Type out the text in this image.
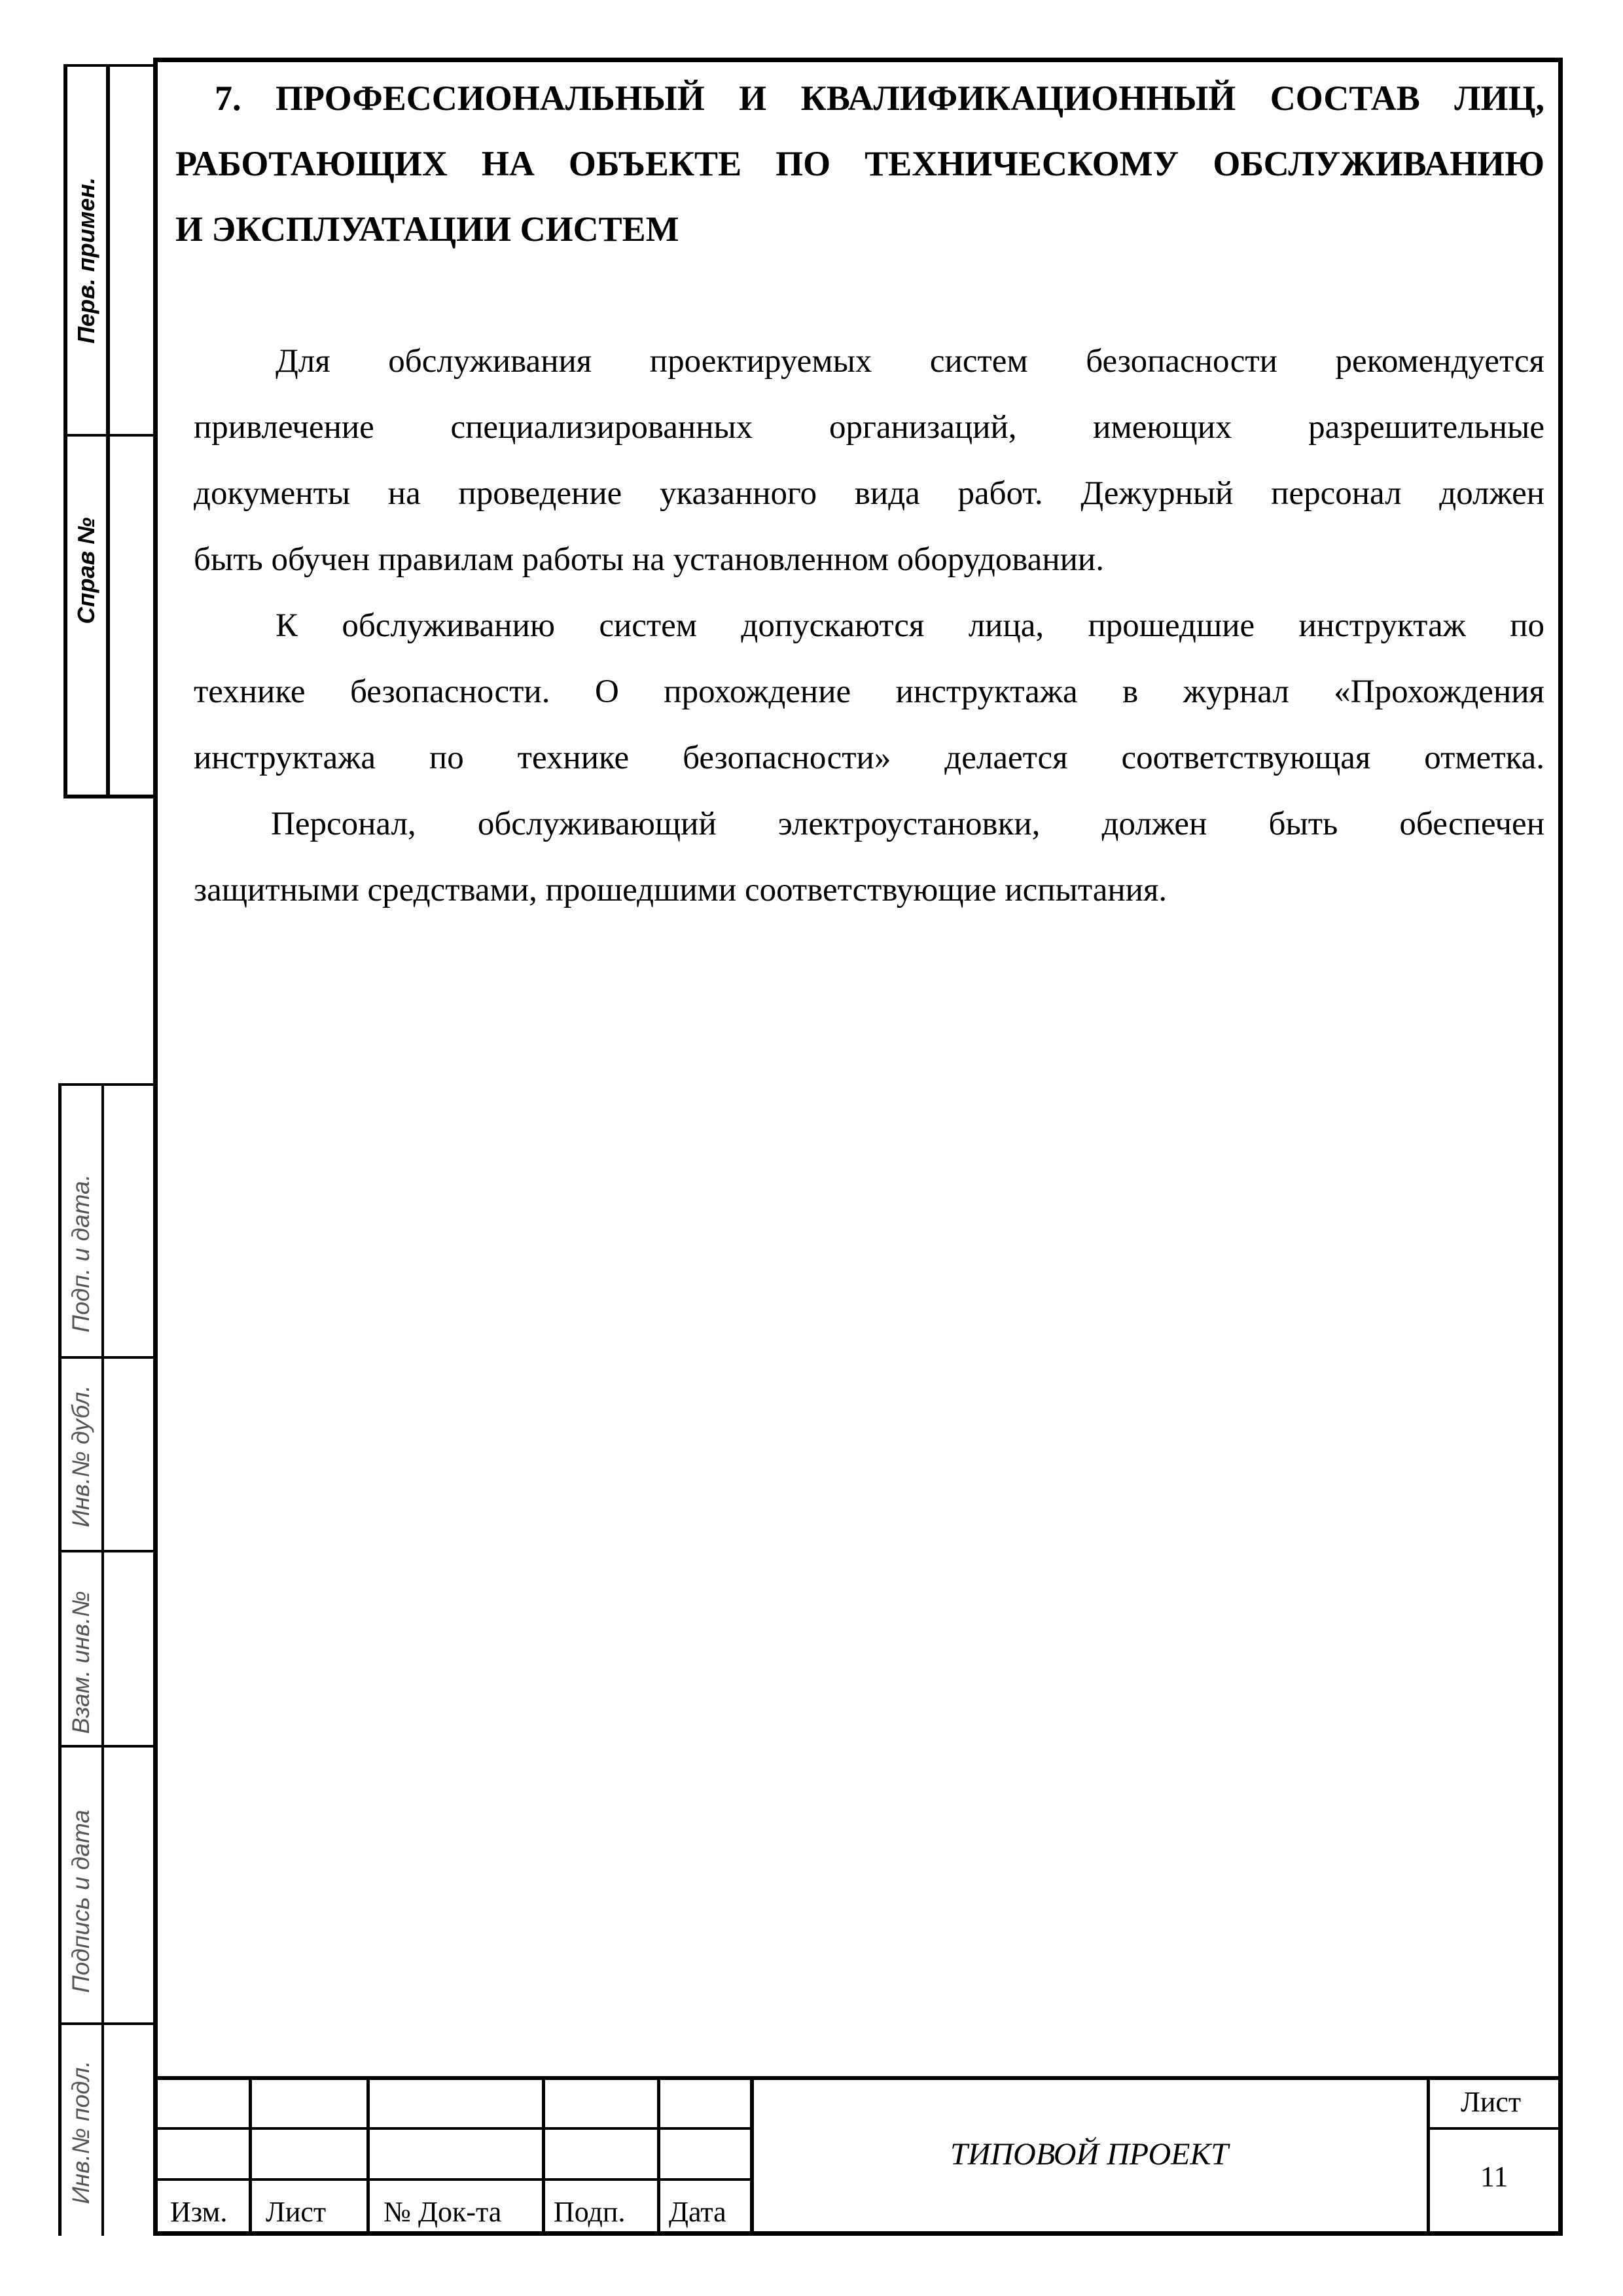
Перв. примен.
Справ №
Подп. и дата.
Инв.№ дубл.
Взам. инв.№
Подпись и дата
Инв.№ подл.
7. ПРОФЕССИОНАЛЬНЫЙ И КВАЛИФИКАЦИОННЫЙ СОСТАВ ЛИЦ,
РАБОТАЮЩИХ НА ОБЪЕКТЕ ПО ТЕХНИЧЕСКОМУ ОБСЛУЖИВАНИЮ
И ЭКСПЛУАТАЦИИ СИСТЕМ
Для обслуживания проектируемых систем безопасности рекомендуется
привлечение специализированных организаций, имеющих разрешительные
документы на проведение указанного вида работ. Дежурный персонал должен
быть обучен правилам работы на установленном оборудовании.
К обслуживанию систем допускаются лица, прошедшие инструктаж по
технике безопасности. О прохождение инструктажа в журнал «Прохождения
инструктажа по технике безопасности» делается соответствующая отметка.
Персонал, обслуживающий электроустановки, должен быть обеспечен
защитными средствами, прошедшими соответствующие испытания.
Изм. Лист № Док-та Подп. Дата
ТИПОВОЙ ПРОЕКТ
Лист
11
